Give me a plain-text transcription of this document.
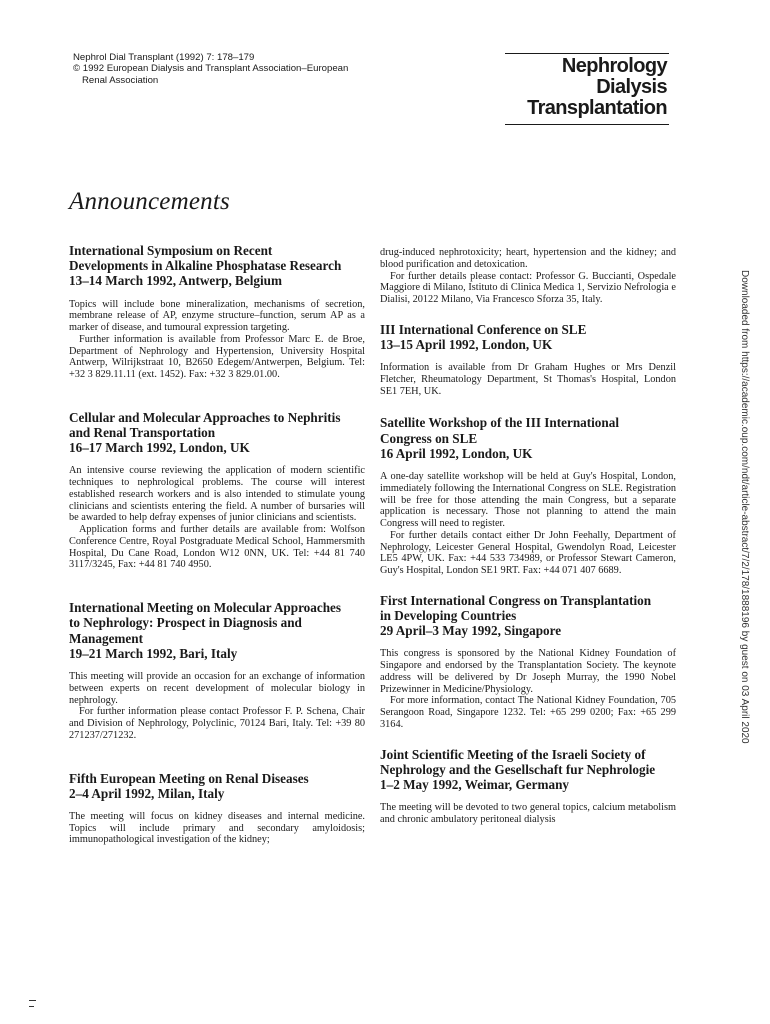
Nephrol Dial Transplant (1992) 7: 178–179
© 1992 European Dialysis and Transplant Association–European
Renal Association
Nephrology
Dialysis
Transplantation
Announcements
International Symposium on Recent
Developments in Alkaline Phosphatase Research
13–14 March 1992, Antwerp, Belgium

Topics will include bone mineralization, mechanisms of secretion, membrane release of AP, enzyme structure–function, serum AP as a marker of disease, and tumoural expression targeting.

Further information is available from Professor Marc E. de Broe, Department of Nephrology and Hypertension, University Hospital Antwerp, Wilrijkstraat 10, B2650 Edegem/Antwerpen, Belgium. Tel: +32 3 829.11.11 (ext. 1452). Fax: +32 3 829.01.00.

Cellular and Molecular Approaches to Nephritis
and Renal Transportation
16–17 March 1992, London, UK

An intensive course reviewing the application of modern scientific techniques to nephrological problems. The course will interest established research workers and is also intended to stimulate young clinicians and scientists entering the field. A number of bursaries will be awarded to help defray expenses of junior clinicians and scientists.

Application forms and further details are available from: Wolfson Conference Centre, Royal Postgraduate Medical School, Hammersmith Hospital, Du Cane Road, London W12 0NN, UK. Tel: +44 81 740 3117/3245, Fax: +44 81 740 4950.

International Meeting on Molecular Approaches
to Nephrology: Prospect in Diagnosis and
Management
19–21 March 1992, Bari, Italy

This meeting will provide an occasion for an exchange of information between experts on recent development of molecular biology in nephrology.

For further information please contact Professor F. P. Schena, Chair and Division of Nephrology, Polyclinic, 70124 Bari, Italy. Tel: +39 80 271237/271232.

Fifth European Meeting on Renal Diseases
2–4 April 1992, Milan, Italy

The meeting will focus on kidney diseases and internal medicine. Topics will include primary and secondary amyloidosis; immunopathological investigation of the kidney;

drug-induced nephrotoxicity; heart, hypertension and the kidney; and blood purification and detoxication.

For further details please contact: Professor G. Buccianti, Ospedale Maggiore di Milano, Istituto di Clinica Medica 1, Servizio Nefrologia e Dialisi, 20122 Milano, Via Francesco Sforza 35, Italy.

III International Conference on SLE
13–15 April 1992, London, UK

Information is available from Dr Graham Hughes or Mrs Denzil Fletcher, Rheumatology Department, St Thomas's Hospital, London SE1 7EH, UK.

Satellite Workshop of the III International
Congress on SLE
16 April 1992, London, UK

A one-day satellite workshop will be held at Guy's Hospital, London, immediately following the International Congress on SLE. Registration will be free for those attending the main Congress, but a separate application is necessary. Those not planning to attend the main Congress will need to register.

For further details contact either Dr John Feehally, Department of Nephrology, Leicester General Hospital, Gwendolyn Road, Leicester LE5 4PW, UK. Fax: +44 533 734989, or Professor Stewart Cameron, Guy's Hospital, London SE1 9RT. Fax: +44 071 407 6689.

First International Congress on Transplantation
in Developing Countries
29 April–3 May 1992, Singapore

This congress is sponsored by the National Kidney Foundation of Singapore and endorsed by the Transplantation Society. The keynote address will be delivered by Dr Joseph Murray, the 1990 Nobel Prizewinner in Medicine/Physiology.

For more information, contact The National Kidney Foundation, 705 Serangoon Road, Singapore 1232. Tel: +65 299 0200; Fax: +65 299 3164.

Joint Scientific Meeting of the Israeli Society of
Nephrology and the Gesellschaft fur Nephrologie
1–2 May 1992, Weimar, Germany

The meeting will be devoted to two general topics, calcium metabolism and chronic ambulatory peritoneal dialysis

Downloaded from https://academic.oup.com/ndt/article-abstract/7/2/178/1888196 by guest on 03 April 2020
